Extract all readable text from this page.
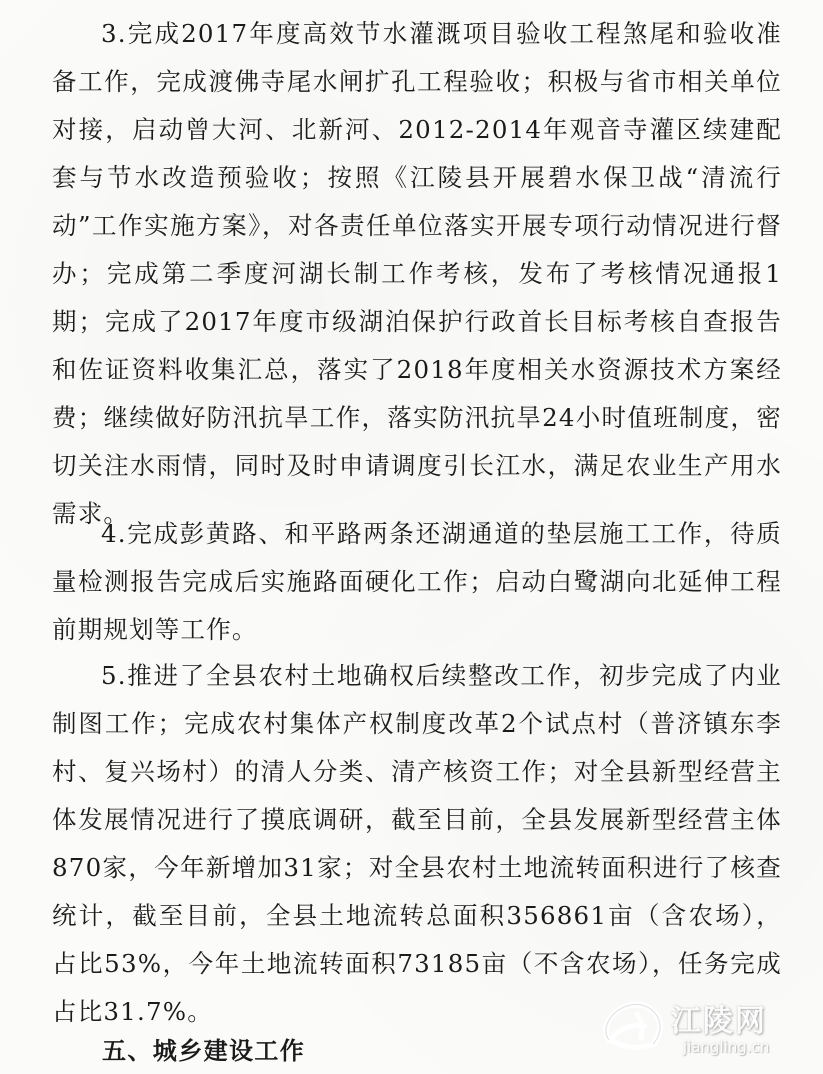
3.完成2017年度高效节水灌溉项目验收工程煞尾和验收准备工作，完成渡佛寺尾水闸扩孔工程验收；积极与省市相关单位对接，启动曾大河、北新河、2012-2014年观音寺灌区续建配套与节水改造预验收；按照《江陵县开展碧水保卫战“清流行动”工作实施方案》，对各责任单位落实开展专项行动情况进行督办；完成第二季度河湖长制工作考核，发布了考核情况通报1期；完成了2017年度市级湖泊保护行政首长目标考核自查报告和佐证资料收集汇总，落实了2018年度相关水资源技术方案经费；继续做好防汛抗旱工作，落实防汛抗旱24小时值班制度，密切关注水雨情，同时及时申请调度引长江水，满足农业生产用水需求。

4.完成彭黄路、和平路两条还湖通道的垫层施工工作，待质量检测报告完成后实施路面硬化工作；启动白鹭湖向北延伸工程前期规划等工作。

5.推进了全县农村土地确权后续整改工作，初步完成了内业制图工作；完成农村集体产权制度改革2个试点村（普济镇东李村、复兴场村）的清人分类、清产核资工作；对全县新型经营主体发展情况进行了摸底调研，截至目前，全县发展新型经营主体870家，今年新增加31家；对全县农村土地流转面积进行了核查统计，截至目前，全县土地流转总面积356861亩（含农场），占比53%，今年土地流转面积73185亩（不含农场），任务完成占比31.7%。

五、城乡建设工作
江陵网
jiangling.cn
